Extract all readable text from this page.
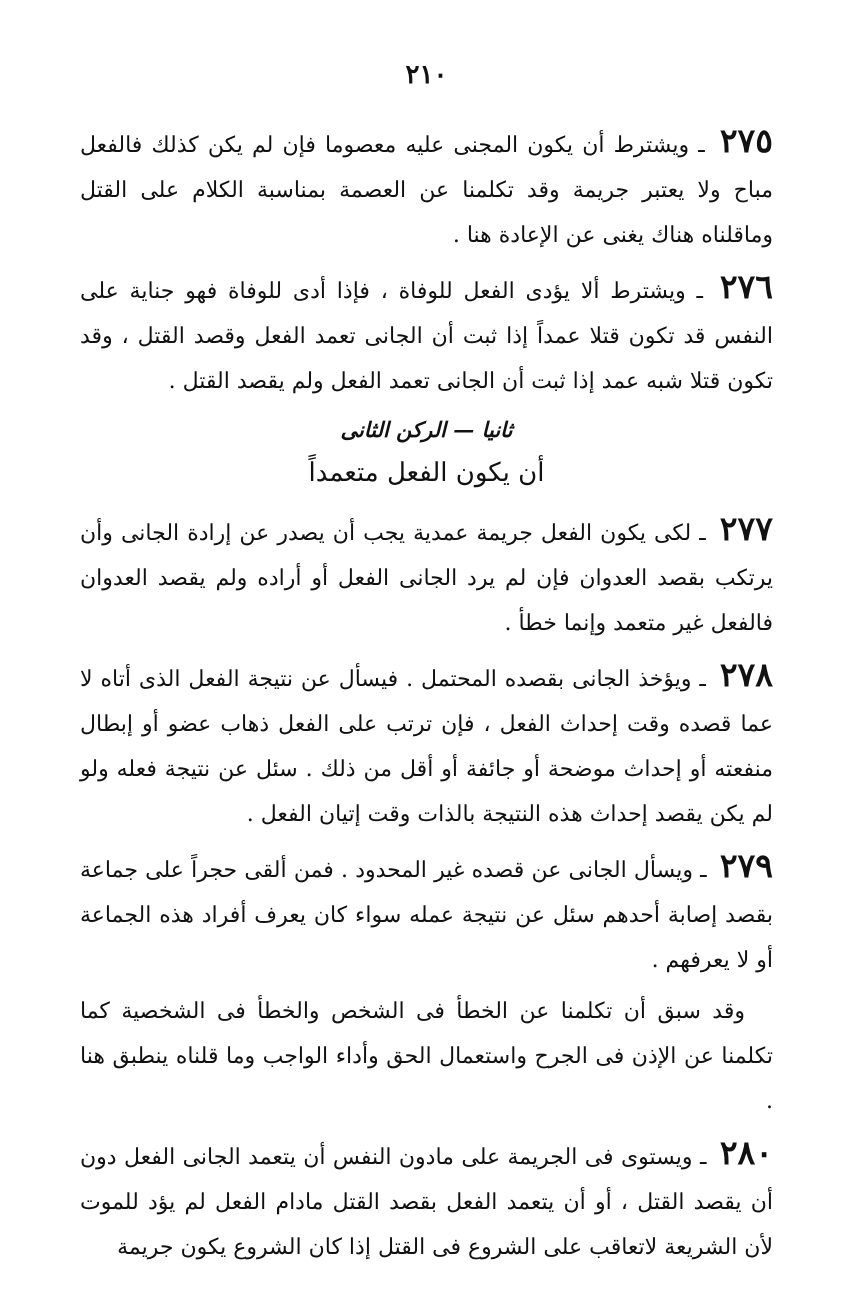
٢١٠

٢٧٥ ـ ويشترط أن يكون المجنى عليه معصوما فإن لم يكن كذلك فالفعل مباح ولا يعتبر جريمة وقد تكلمنا عن العصمة بمناسبة الكلام على القتل وماقلناه هناك يغنى عن الإعادة هنا .

٢٧٦ ـ ويشترط ألا يؤدى الفعل للوفاة ، فإذا أدى للوفاة فهو جناية على النفس قد تكون قتلا عمداً إذا ثبت أن الجانى تعمد الفعل وقصد القتل ، وقد تكون قتلا شبه عمد إذا ثبت أن الجانى تعمد الفعل ولم يقصد القتل .

ثانيا — الركن الثانى
أن يكون الفعل متعمداً

٢٧٧ ـ لكى يكون الفعل جريمة عمدية يجب أن يصدر عن إرادة الجانى وأن يرتكب بقصد العدوان فإن لم يرد الجانى الفعل أو أراده ولم يقصد العدوان فالفعل غير متعمد وإنما خطأ .

٢٧٨ ـ ويؤخذ الجانى بقصده المحتمل . فيسأل عن نتيجة الفعل الذى أتاه لا عما قصده وقت إحداث الفعل ، فإن ترتب على الفعل ذهاب عضو أو إبطال منفعته أو إحداث موضحة أو جائفة أو أقل من ذلك . سئل عن نتيجة فعله ولو لم يكن يقصد إحداث هذه النتيجة بالذات وقت إتيان الفعل .

٢٧٩ ـ ويسأل الجانى عن قصده غير المحدود . فمن ألقى حجراً على جماعة بقصد إصابة أحدهم سئل عن نتيجة عمله سواء كان يعرف أفراد هذه الجماعة أو لا يعرفهم .

وقد سبق أن تكلمنا عن الخطأ فى الشخص والخطأ فى الشخصية كما تكلمنا عن الإذن فى الجرح واستعمال الحق وأداء الواجب وما قلناه ينطبق هنا .

٢٨٠ ـ ويستوى فى الجريمة على مادون النفس أن يتعمد الجانى الفعل دون أن يقصد القتل ، أو أن يتعمد الفعل بقصد القتل مادام الفعل لم يؤد للموت لأن الشريعة لاتعاقب على الشروع فى القتل إذا كان الشروع يكون جريمة
